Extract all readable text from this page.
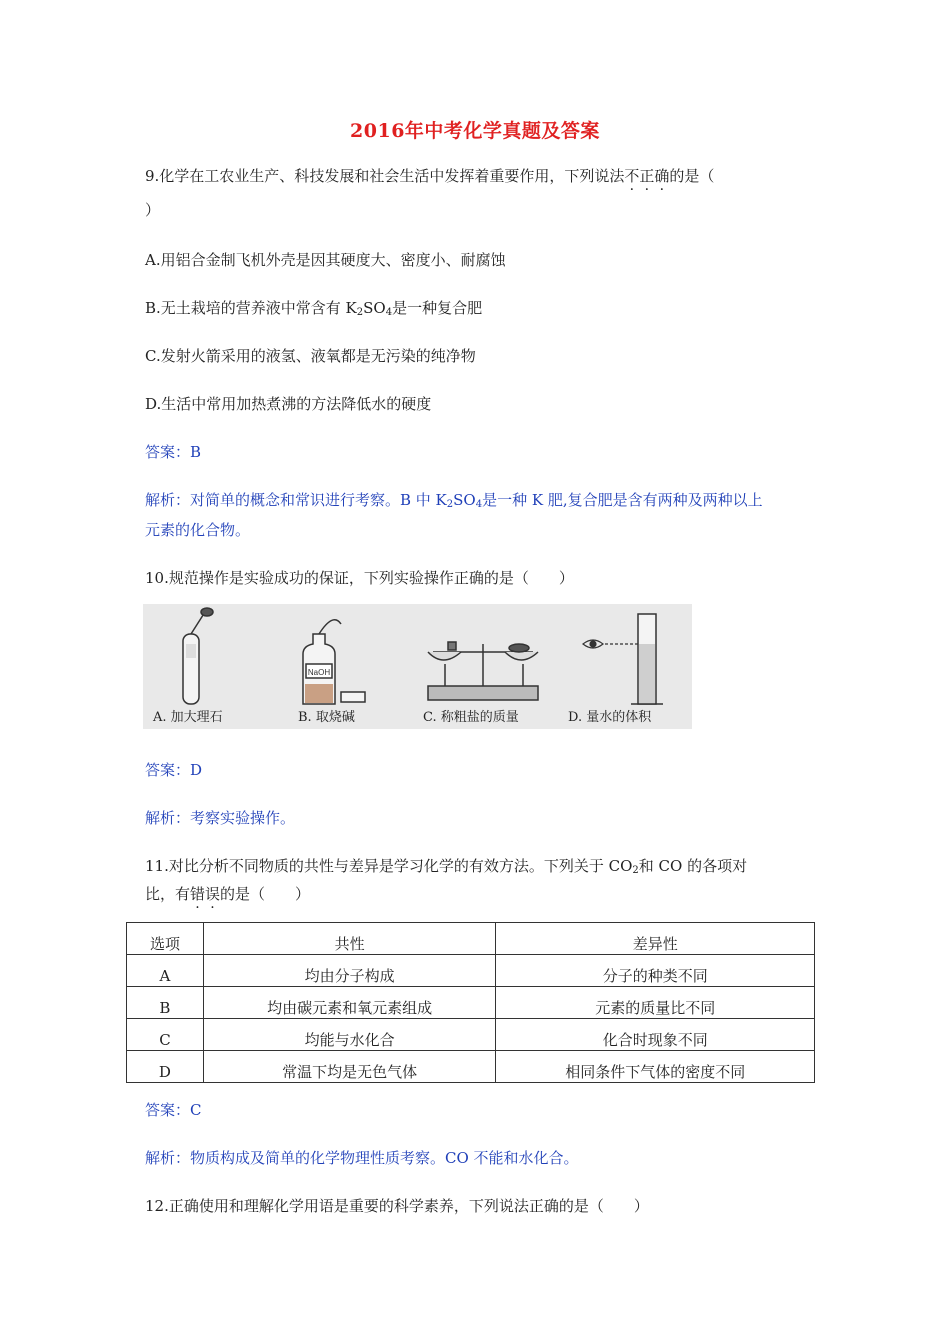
2016年中考化学真题及答案
9.化学在工农业生产、科技发展和社会生活中发挥着重要作用，下列说法不正确的是（
）
A.用铝合金制飞机外壳是因其硬度大、密度小、耐腐蚀
B.无土栽培的营养液中常含有 $K_2SO_4$是一种复合肥
C.发射火箭采用的液氢、液氧都是无污染的纯净物
D.生活中常用加热煮沸的方法降低水的硬度
答案：B
解析：对简单的概念和常识进行考察。B 中 $K_2SO_4$是一种 K 肥,复合肥是含有两种及两种以上
元素的化合物。
10.规范操作是实验成功的保证，下列实验操作正确的是（　　）
NaOH
A. 加大理石	B. 取烧碱	C. 称粗盐的质量	D. 量水的体积
答案：D
解析：考察实验操作。
11.对比分析不同物质的共性与差异是学习化学的有效方法。下列关于 $CO_2$和 CO 的各项对
比，有错误的是（　　）
选项	共性	差异性
A	均由分子构成	分子的种类不同
B	均由碳元素和氧元素组成	元素的质量比不同
C	均能与水化合	化合时现象不同
D	常温下均是无色气体	相同条件下气体的密度不同
答案：C
解析：物质构成及简单的化学物理性质考察。CO 不能和水化合。
12.正确使用和理解化学用语是重要的科学素养，下列说法正确的是（　　）
